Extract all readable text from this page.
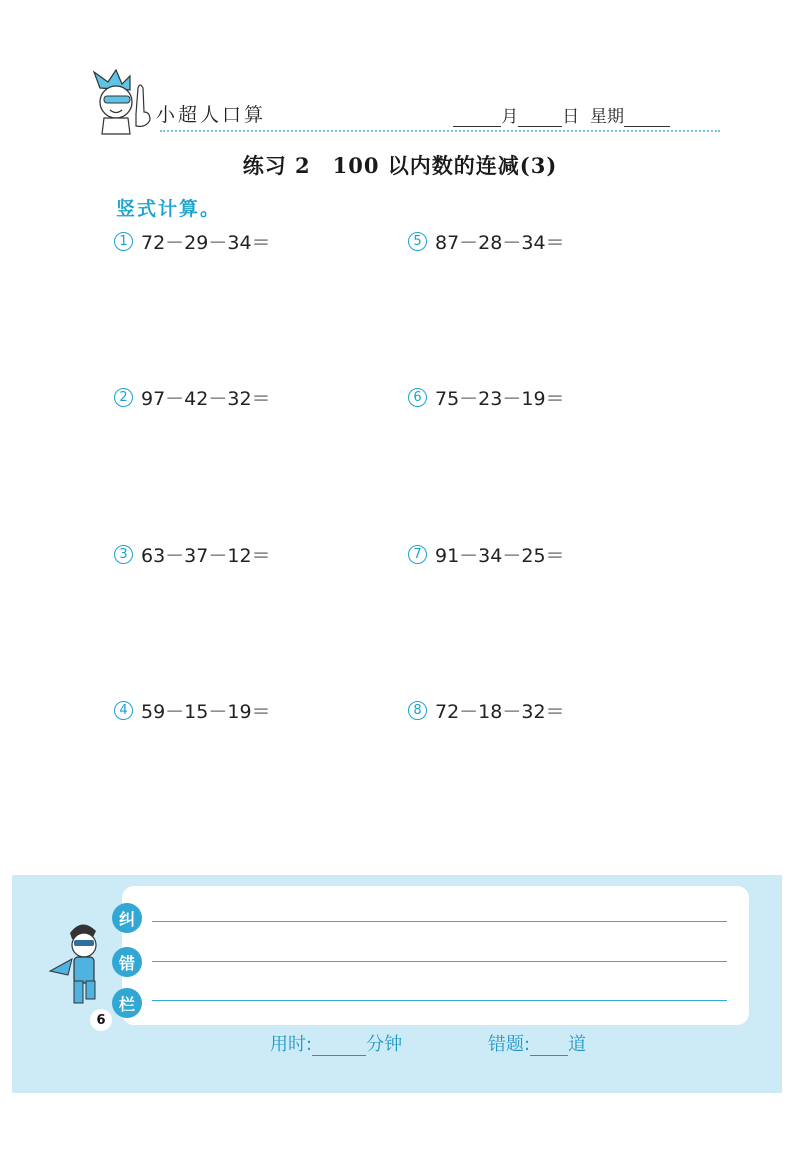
小超人口算	月	日 星期
练习 2　100 以内数的连减(3)
竖式计算。
1 72－29－34＝
2 97－42－32＝
3 63－37－12＝
4 59－15－19＝
5 87－28－34＝
6 75－23－19＝
7 91－34－25＝
8 72－18－32＝
纠
错
栏
6
用时:	分钟	错题: 道
